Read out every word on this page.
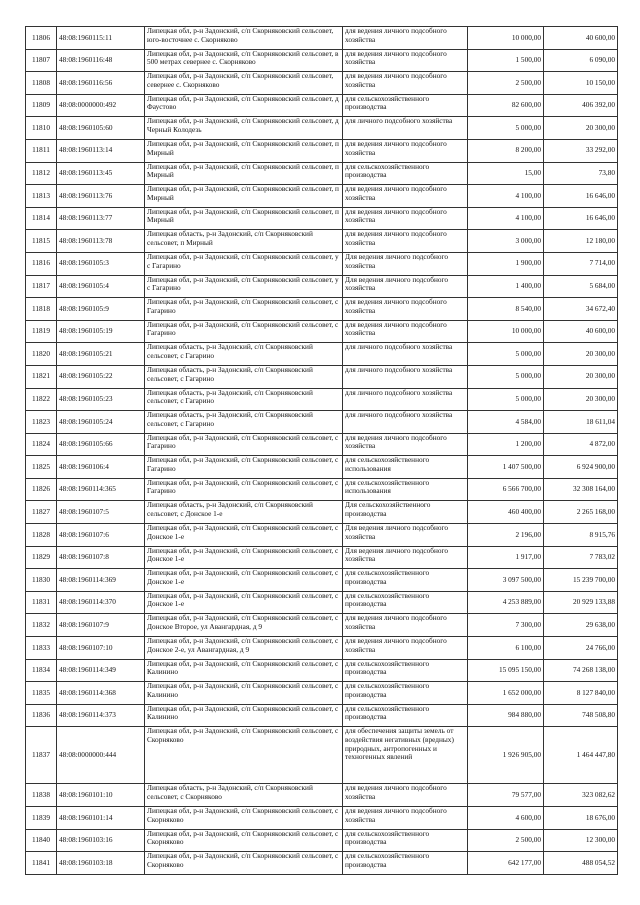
11806	48:08:1960115:11	Липецкая обл, р-н Задонский, с/п Скорняковский сельсовет, юго-восточнее с. Скорняково	для ведения личного подсобного хозяйства	10 000,00	40 600,00
11807	48:08:1960116:48	Липецкая обл, р-н Задонский, с/п Скорняковский сельсовет, в 500 метрах севернее с. Скорняково	для ведения личного подсобного хозяйства	1 500,00	6 090,00
11808	48:08:1960116:56	Липецкая обл, р-н Задонский, с/п Скорняковский сельсовет, севернее с. Скорняково	для ведения личного подсобного хозяйства	2 500,00	10 150,00
11809	48:08:0000000:492	Липецкая обл, р-н Задонский, с/п Скорняковский сельсовет, д Фаустово	для сельскохозяйственного производства	82 600,00	406 392,00
11810	48:08:1960105:60	Липецкая обл, р-н Задонский, с/п Скорняковский сельсовет, д Черный Колодезь	для личного подсобного хозяйства	5 000,00	20 300,00
11811	48:08:1960113:14	Липецкая обл, р-н Задонский, с/п Скорняковский сельсовет, п Мирный	для ведения личного подсобного хозяйства	8 200,00	33 292,00
11812	48:08:1960113:45	Липецкая обл, р-н Задонский, с/п Скорняковский сельсовет, п Мирный	для сельскохозяйственного производства	15,00	73,80
11813	48:08:1960113:76	Липецкая обл, р-н Задонский, с/п Скорняковский сельсовет, п Мирный	для ведения личного подсобного хозяйства	4 100,00	16 646,00
11814	48:08:1960113:77	Липецкая обл, р-н Задонский, с/п Скорняковский сельсовет, п Мирный	для ведения личного подсобного хозяйства	4 100,00	16 646,00
11815	48:08:1960113:78	Липецкая область, р-н Задонский, с/п Скорняковский сельсовет, п Мирный	для ведения личного подсобного хозяйства	3 000,00	12 180,00
11816	48:08:1960105:3	Липецкая обл, р-н Задонский, с/п Скорняковский сельсовет, у с Гагарино	Для ведения личного подсобного хозяйства	1 900,00	7 714,00
11817	48:08:1960105:4	Липецкая обл, р-н Задонский, с/п Скорняковский сельсовет, у с Гагарино	Для ведения личного подсобного хозяйства	1 400,00	5 684,00
11818	48:08:1960105:9	Липецкая обл, р-н Задонский, с/п Скорняковский сельсовет, с Гагарино	для ведения личного подсобного хозяйства	8 540,00	34 672,40
11819	48:08:1960105:19	Липецкая обл, р-н Задонский, с/п Скорняковский сельсовет, с Гагарино	для ведения личного подсобного хозяйства	10 000,00	40 600,00
11820	48:08:1960105:21	Липецкая область, р-н Задонский, с/п Скорняковский сельсовет, с Гагарино	для личного подсобного хозяйства	5 000,00	20 300,00
11821	48:08:1960105:22	Липецкая область, р-н Задонский, с/п Скорняковский сельсовет, с Гагарино	для личного подсобного хозяйства	5 000,00	20 300,00
11822	48:08:1960105:23	Липецкая область, р-н Задонский, с/п Скорняковский сельсовет, с Гагарино	для личного подсобного хозяйства	5 000,00	20 300,00
11823	48:08:1960105:24	Липецкая область, р-н Задонский, с/п Скорняковский сельсовет, с Гагарино	для личного подсобного хозяйства	4 584,00	18 611,04
11824	48:08:1960105:66	Липецкая обл, р-н Задонский, с/п Скорняковский сельсовет, с Гагарино	для ведения личного подсобного хозяйства	1 200,00	4 872,00
11825	48:08:1960106:4	Липецкая обл, р-н Задонский, с/п Скорняковский сельсовет, с Гагарино	для сельскохозяйственного использования	1 407 500,00	6 924 900,00
11826	48:08:1960114:365	Липецкая обл, р-н Задонский, с/п Скорняковский сельсовет, с Гагарино	для сельскохозяйственного использования	6 566 700,00	32 308 164,00
11827	48:08:1960107:5	Липецкая область, р-н Задонский, с/п Скорняковский сельсовет, с Донское 1-е	Для сельскохозяйственного производства	460 400,00	2 265 168,00
11828	48:08:1960107:6	Липецкая обл, р-н Задонский, с/п Скорняковский сельсовет, с Донское 1-е	Для ведения личного подсобного хозяйства	2 196,00	8 915,76
11829	48:08:1960107:8	Липецкая обл, р-н Задонский, с/п Скорняковский сельсовет, с Донское 1-е	Для ведения личного подсобного хозяйства	1 917,00	7 783,02
11830	48:08:1960114:369	Липецкая обл, р-н Задонский, с/п Скорняковский сельсовет, с Донское 1-е	для сельскохозяйственного производства	3 097 500,00	15 239 700,00
11831	48:08:1960114:370	Липецкая обл, р-н Задонский, с/п Скорняковский сельсовет, с Донское 1-е	для сельскохозяйственного производства	4 253 889,00	20 929 133,88
11832	48:08:1960107:9	Липецкая обл, р-н Задонский, с/п Скорняковский сельсовет, с Донское Второе, ул Авангардная, д 9	для ведения личного подсобного хозяйства	7 300,00	29 638,00
11833	48:08:1960107:10	Липецкая обл, р-н Задонский, с/п Скорняковский сельсовет, с Донское 2-е, ул Авангардная, д 9	для ведения личного подсобного хозяйства	6 100,00	24 766,00
11834	48:08:1960114:349	Липецкая обл, р-н Задонский, с/п Скорняковский сельсовет, с Калинино	для сельскохозяйственного производства	15 095 150,00	74 268 138,00
11835	48:08:1960114:368	Липецкая обл, р-н Задонский, с/п Скорняковский сельсовет, с Калинино	для сельскохозяйственного производства	1 652 000,00	8 127 840,00
11836	48:08:1960114:373	Липецкая обл, р-н Задонский, с/п Скорняковский сельсовет, с Калинино	для сельскохозяйственного производства	984 880,00	748 508,80
11837	48:08:0000000:444	Липецкая обл, р-н Задонский, с/п Скорняковский сельсовет, с Скорняково	для обеспечения защиты земель от воздействия негативных (вредных) природных, антропогенных и техногенных явлений	1 926 905,00	1 464 447,80
11838	48:08:1960101:10	Липецкая область, р-н Задонский, с/п Скорняковский сельсовет, с Скорняково	для ведения личного подсобного хозяйства	79 577,00	323 082,62
11839	48:08:1960101:14	Липецкая обл, р-н Задонский, с/п Скорняковский сельсовет, с Скорняково	для ведения личного подсобного хозяйства	4 600,00	18 676,00
11840	48:08:1960103:16	Липецкая обл, р-н Задонский, с/п Скорняковский сельсовет, с Скорняково	для сельскохозяйственного производства	2 500,00	12 300,00
11841	48:08:1960103:18	Липецкая обл, р-н Задонский, с/п Скорняковский сельсовет, с Скорняково	для сельскохозяйственного производства	642 177,00	488 054,52
